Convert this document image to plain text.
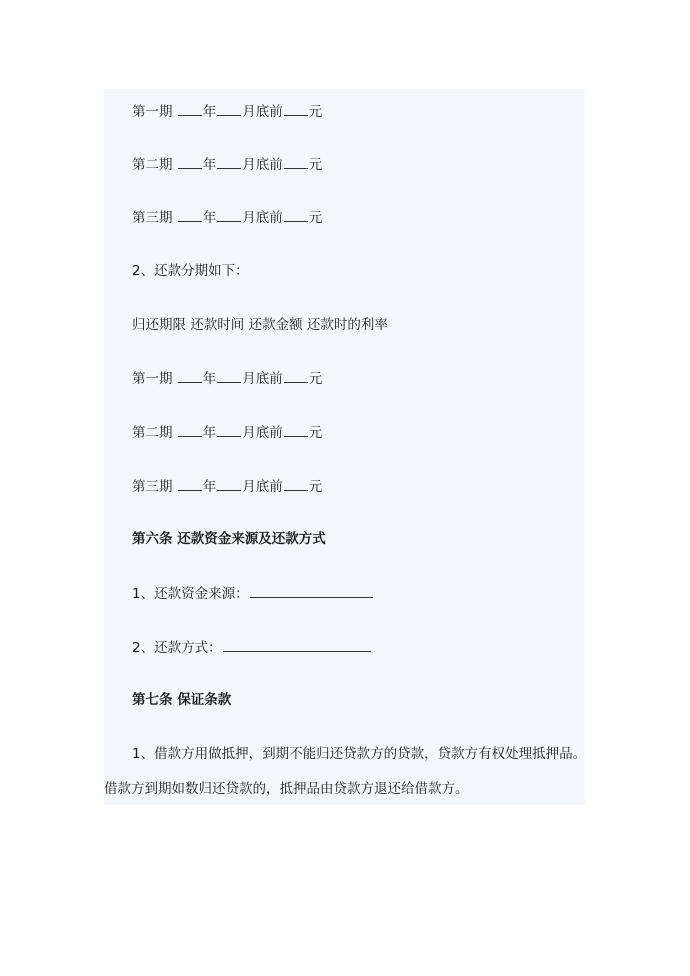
第一期 年 月底前 元
第二期 年 月底前 元
第三期 年 月底前 元
2、还款分期如下：
归还期限 还款时间 还款金额 还款时的利率
第一期 年 月底前 元
第二期 年 月底前 元
第三期 年 月底前 元
第六条 还款资金来源及还款方式
1、还款资金来源：
2、还款方式：
第七条 保证条款
1、借款方用做抵押，到期不能归还贷款方的贷款，贷款方有权处理抵押品。
借款方到期如数归还贷款的，抵押品由贷款方退还给借款方。
